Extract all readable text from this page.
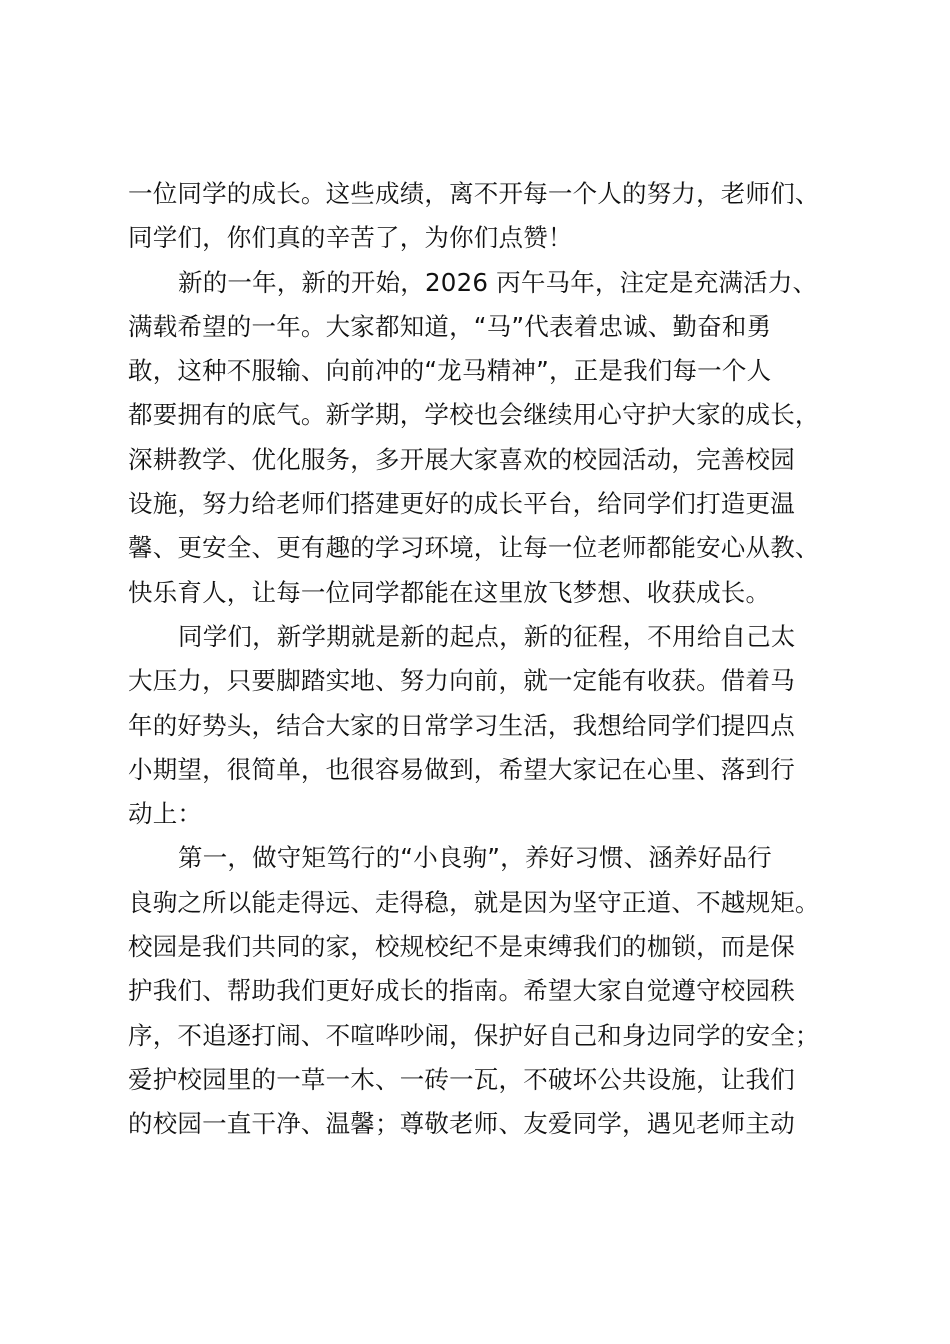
一位同学的成长。这些成绩，离不开每一个人的努力，老师们、
同学们，你们真的辛苦了，为你们点赞！
新的一年，新的开始，2026 丙午马年，注定是充满活力、
满载希望的一年。大家都知道，“马”代表着忠诚、勤奋和勇
敢，这种不服输、向前冲的“龙马精神”，正是我们每一个人
都要拥有的底气。新学期，学校也会继续用心守护大家的成长，
深耕教学、优化服务，多开展大家喜欢的校园活动，完善校园
设施，努力给老师们搭建更好的成长平台，给同学们打造更温
馨、更安全、更有趣的学习环境，让每一位老师都能安心从教、
快乐育人，让每一位同学都能在这里放飞梦想、收获成长。
同学们，新学期就是新的起点，新的征程，不用给自己太
大压力，只要脚踏实地、努力向前，就一定能有收获。借着马
年的好势头，结合大家的日常学习生活，我想给同学们提四点
小期望，很简单，也很容易做到，希望大家记在心里、落到行
动上：
第一，做守矩笃行的“小良驹”，养好习惯、涵养好品行
良驹之所以能走得远、走得稳，就是因为坚守正道、不越规矩。
校园是我们共同的家，校规校纪不是束缚我们的枷锁，而是保
护我们、帮助我们更好成长的指南。希望大家自觉遵守校园秩
序，不追逐打闹、不喧哗吵闹，保护好自己和身边同学的安全；
爱护校园里的一草一木、一砖一瓦，不破坏公共设施，让我们
的校园一直干净、温馨；尊敬老师、友爱同学，遇见老师主动
